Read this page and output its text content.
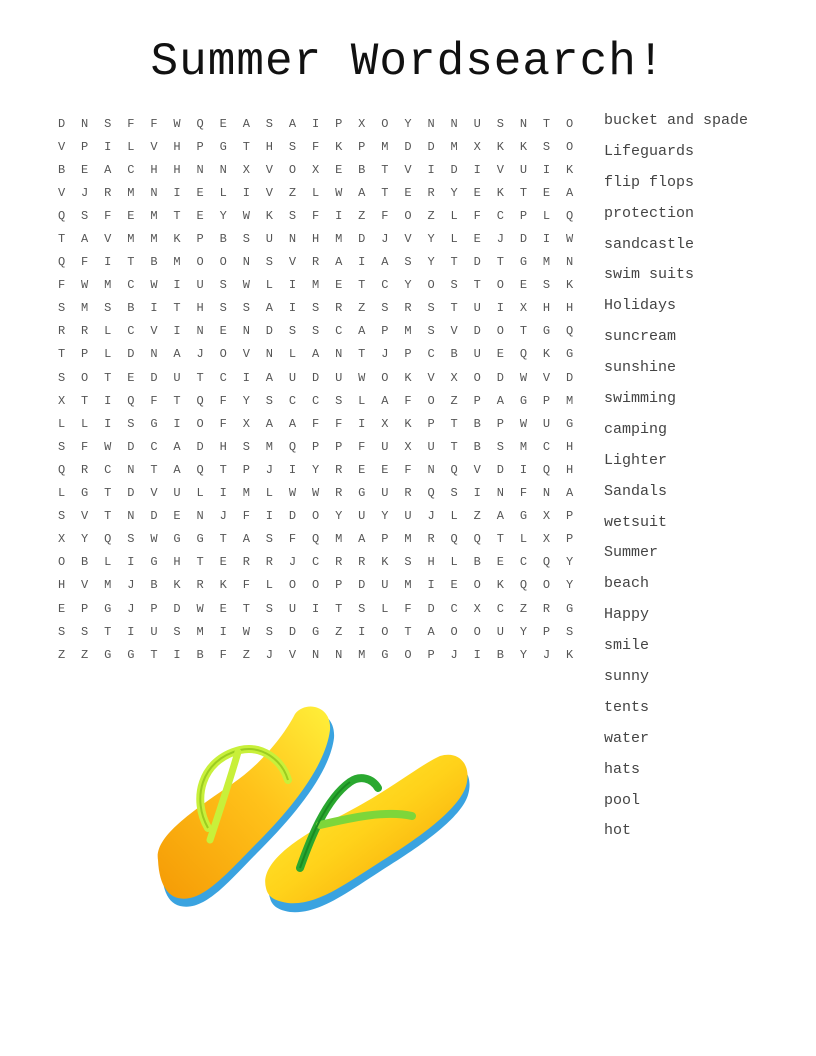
Summer Wordsearch!
D	N	S	F	F	W	Q	E	A	S	A	I	P	X	O	Y	N	N	U	S	N	T	O
V	P	I	L	V	H	P	G	T	H	S	F	K	P	M	D	D	M	X	K	K	S	O
B	E	A	C	H	H	N	N	X	V	O	X	E	B	T	V	I	D	I	V	U	I	K
V	J	R	M	N	I	E	L	I	V	Z	L	W	A	T	E	R	Y	E	K	T	E	A
Q	S	F	E	M	T	E	Y	W	K	S	F	I	Z	F	O	Z	L	F	C	P	L	Q
T	A	V	M	M	K	P	B	S	U	N	H	M	D	J	V	Y	L	E	J	D	I	W
Q	F	I	T	B	M	O	O	N	S	V	R	A	I	A	S	Y	T	D	T	G	M	N
F	W	M	C	W	I	U	S	W	L	I	M	E	T	C	Y	O	S	T	O	E	S	K
S	M	S	B	I	T	H	S	S	A	I	S	R	Z	S	R	S	T	U	I	X	H	H
R	R	L	C	V	I	N	E	N	D	S	S	C	A	P	M	S	V	D	O	T	G	Q
T	P	L	D	N	A	J	O	V	N	L	A	N	T	J	P	C	B	U	E	Q	K	G
S	O	T	E	D	U	T	C	I	A	U	D	U	W	O	K	V	X	O	D	W	V	D
X	T	I	Q	F	T	Q	F	Y	S	C	C	S	L	A	F	O	Z	P	A	G	P	M
L	L	I	S	G	I	O	F	X	A	A	F	F	I	X	K	P	T	B	P	W	U	G
S	F	W	D	C	A	D	H	S	M	Q	P	P	F	U	X	U	T	B	S	M	C	H
Q	R	C	N	T	A	Q	T	P	J	I	Y	R	E	E	F	N	Q	V	D	I	Q	H
L	G	T	D	V	U	L	I	M	L	W	W	R	G	U	R	Q	S	I	N	F	N	A
S	V	T	N	D	E	N	J	F	I	D	O	Y	U	Y	U	J	L	Z	A	G	X	P
X	Y	Q	S	W	G	G	T	A	S	F	Q	M	A	P	M	R	Q	Q	T	L	X	P
O	B	L	I	G	H	T	E	R	R	J	C	R	R	K	S	H	L	B	E	C	Q	Y
H	V	M	J	B	K	R	K	F	L	O	O	P	D	U	M	I	E	O	K	Q	O	Y
E	P	G	J	P	D	W	E	T	S	U	I	T	S	L	F	D	C	X	C	Z	R	G
S	S	T	I	U	S	M	I	W	S	D	G	Z	I	O	T	A	O	O	U	Y	P	S
Z	Z	G	G	T	I	B	F	Z	J	V	N	N	M	G	O	P	J	I	B	Y	J	K
bucket and spade
Lifeguards
flip flops
protection
sandcastle
swim suits
Holidays
suncream
sunshine
swimming
camping
Lighter
Sandals
wetsuit
Summer
beach
Happy
smile
sunny
tents
water
hats
pool
hot
